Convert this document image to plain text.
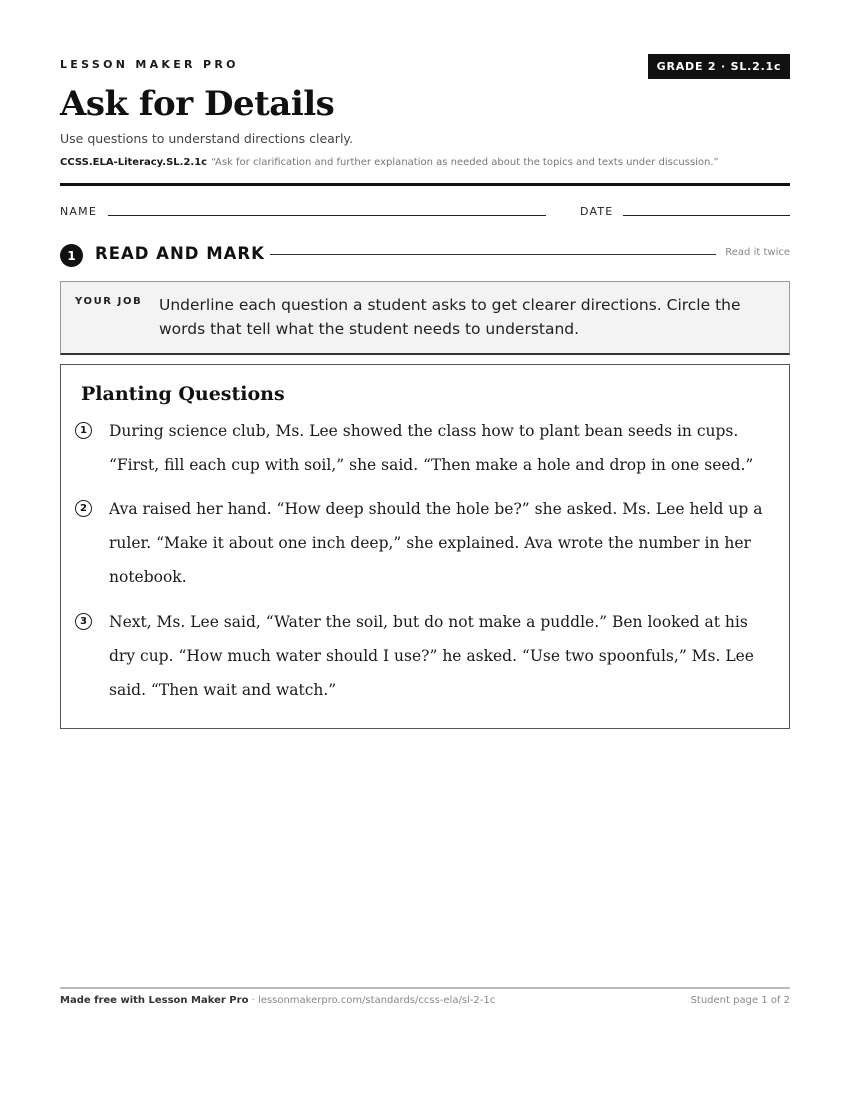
LESSON MAKER PRO	GRADE 2 · SL.2.1c
Ask for Details
Use questions to understand directions clearly.
CCSS.ELA-Literacy.SL.2.1c “Ask for clarification and further explanation as needed about the topics and texts under discussion.”
NAME	DATE
1	READ AND MARK	Read it twice
YOUR JOB Underline each question a student asks to get clearer directions. Circle the words that tell what the student needs to understand.
Planting Questions
1	During science club, Ms. Lee showed the class how to plant bean seeds in cups. “First, fill each cup with soil,” she said. “Then make a hole and drop in one seed.”

2	Ava raised her hand. “How deep should the hole be?” she asked. Ms. Lee held up a ruler. “Make it about one inch deep,” she explained. Ava wrote the number in her notebook.

3	Next, Ms. Lee said, “Water the soil, but do not make a puddle.” Ben looked at his dry cup. “How much water should I use?” he asked. “Use two spoonfuls,” Ms. Lee said. “Then wait and watch.”

Made free with Lesson Maker Pro · lessonmakerpro.com/standards/ccss-ela/sl-2-1c	Student page 1 of 2
